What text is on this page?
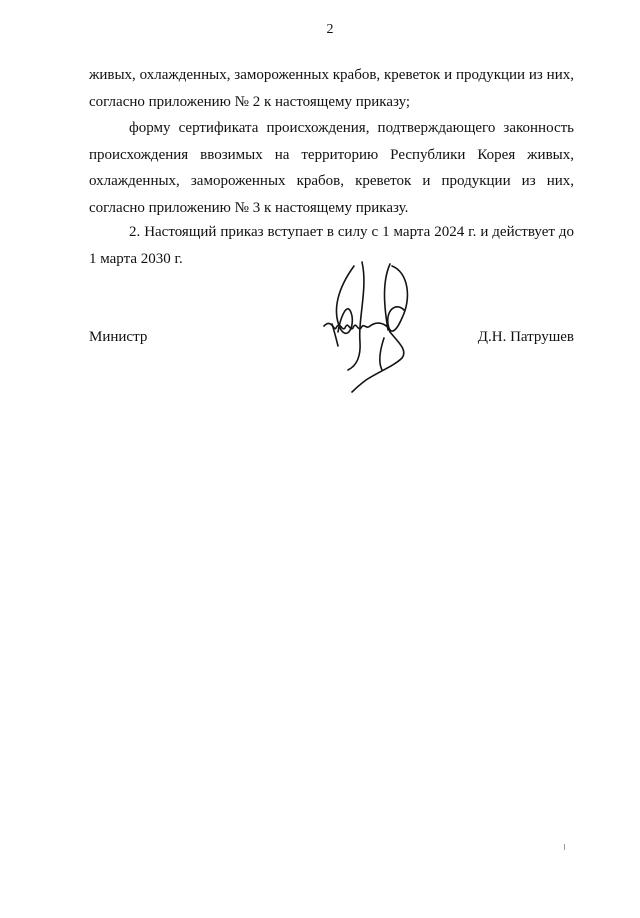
2

живых, охлажденных, замороженных крабов, креветок и продукции из них, согласно приложению № 2 к настоящему приказу;

форму сертификата происхождения, подтверждающего законность происхождения ввозимых на территорию Республики Корея живых, охлажденных, замороженных крабов, креветок и продукции из них, согласно приложению № 3 к настоящему приказу.

2. Настоящий приказ вступает в силу с 1 марта 2024 г. и действует до 1 марта 2030 г.

Министр	Д.Н. Патрушев
